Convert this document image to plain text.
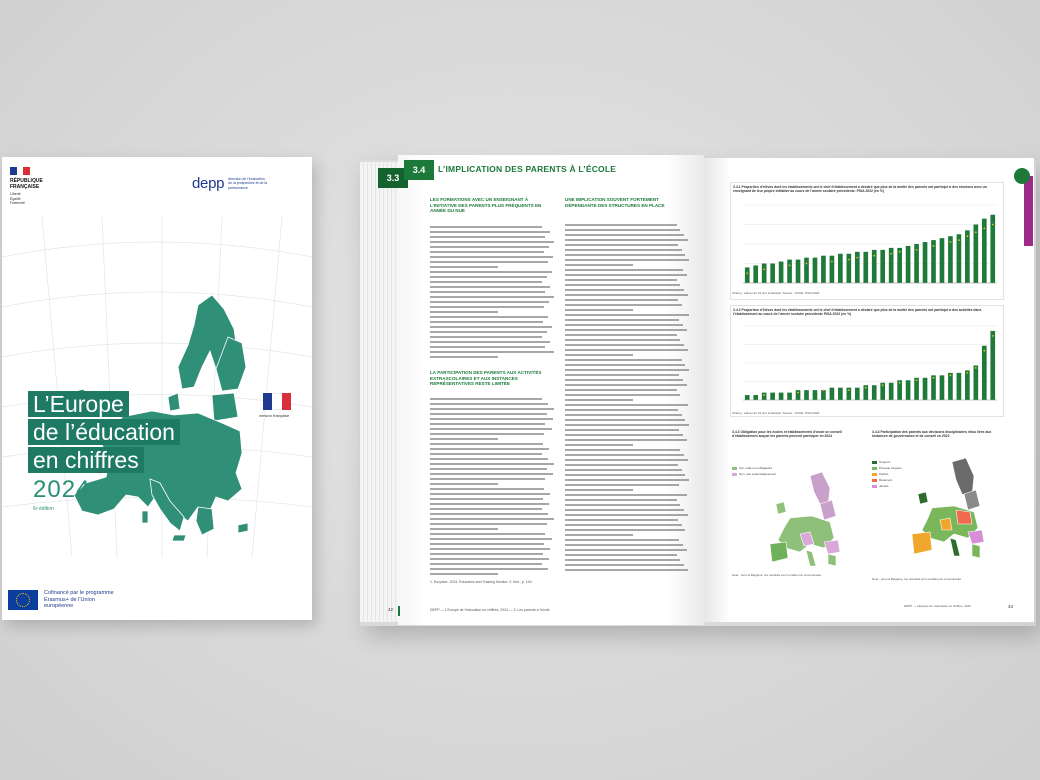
RÉPUBLIQUE
FRANÇAISE
Liberté
Égalité
Fraternité
depp direction de l’évaluation, de la prospective et de la performance
L’Europe
de l’éducation
en chiffres
2024
6ᵉ édition
version française
Cofinancé par le programme Erasmus+ de l’Union européenne
3.3
3.4	L’IMPLICATION DES PARENTS À L’ÉCOLE
LES FORMATIONS AVEC UN ENSEIGNANT À L’INITIATIVE DES PARENTS PLUS FRÉQUENTS EN ANNÉE DU NUE
UNE IMPLICATION SOUVENT FORTEMENT DÉPENDANTE DES STRUCTURES EN PLACE
LA PARTICIPATION DES PARENTS AUX ACTIVITÉS EXTRASCOLAIRES ET AUX INSTANCES REPRÉSENTATIVES RESTE LIMITÉE
1. Eurydice, 2024, Education and Training Monitor. 2. Ibid., p. 144.
42	DEPP — L’Europe de l’éducation en chiffres, 2024 — 3. Les parents à l’école
3.4.1 Proportion d’élèves dont les établissements ont le chef d’établissement a déclaré que plus de la moitié des parents ont participé à des réunions avec un enseignant de leur propre initiative au cours de l’année scolaire précédente. PISA 2022 (en %)
Champ : élèves de 15 ans scolarisés. Source : OCDE, PISA 2022.
3.4.2 Proportion d’élèves dont les établissements ont le chef d’établissement a déclaré que plus de la moitié des parents ont participé à des activités dans l’établissement au cours de l’année scolaire précédente PISA 2022 (en %)
Champ : élèves de 15 ans scolarisés. Source : OCDE, PISA 2022.
3.4.3 Obligation pour les écoles et établissements d’avoir un conseil d’établissement auquel les parents peuvent participer en 2024
3.4.4 Participation des parents aux décisions disciplinaires et/ou liées aux instances de gouvernance et de conseil en 2022
Oui, mais non obligatoire
Non, pas systématiquement
Toujours
Presque toujours
Parfois
Rarement
Jamais
Note : pour la Belgique, les résultats sont ventilés par communauté.
Note : pour la Belgique, les résultats sont ventilés par communauté.
DEPP — L’Europe de l’éducation en chiffres, 2024	43
